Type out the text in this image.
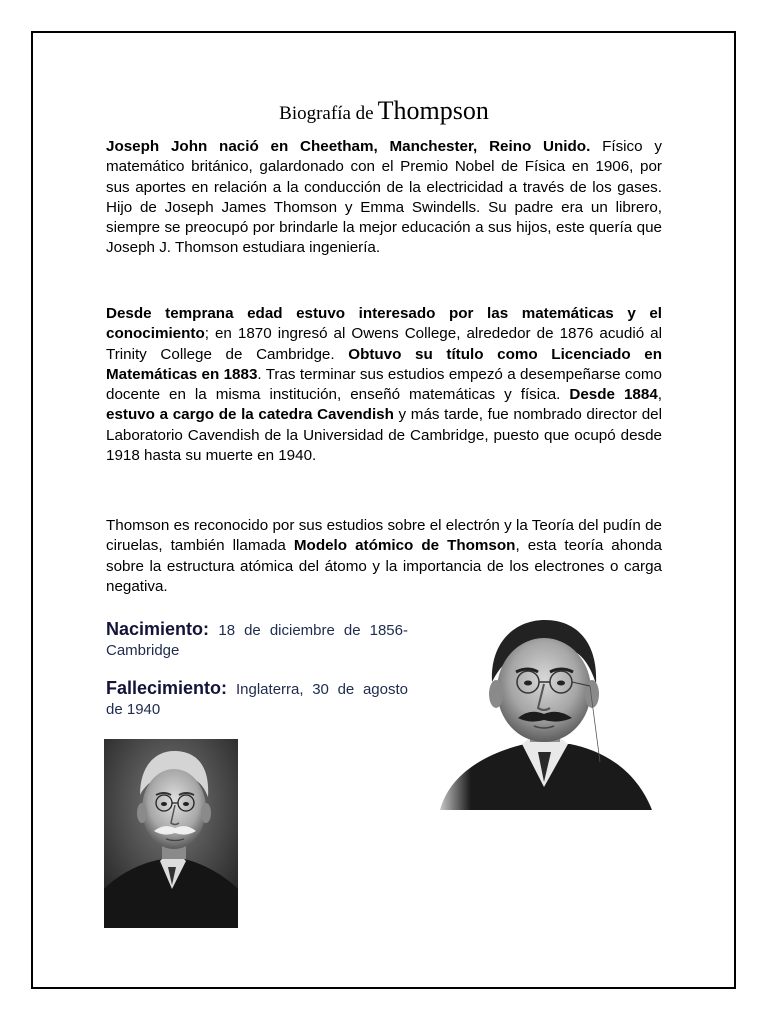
Biografía de Thompson
Joseph John nació en Cheetham, Manchester, Reino Unido. Físico y matemático británico, galardonado con el Premio Nobel de Física en 1906, por sus aportes en relación a la conducción de la electricidad a través de los gases. Hijo de Joseph James Thomson y Emma Swindells. Su padre era un librero, siempre se preocupó por brindarle la mejor educación a sus hijos, este quería que Joseph J. Thomson estudiara ingeniería.
Desde temprana edad estuvo interesado por las matemáticas y el conocimiento; en 1870 ingresó al Owens College, alrededor de 1876 acudió al Trinity College de Cambridge. Obtuvo su título como Licenciado en Matemáticas en 1883. Tras terminar sus estudios empezó a desempeñarse como docente en la misma institución, enseñó matemáticas y física. Desde 1884, estuvo a cargo de la catedra Cavendish y más tarde, fue nombrado director del Laboratorio Cavendish de la Universidad de Cambridge, puesto que ocupó desde 1918 hasta su muerte en 1940.
Thomson es reconocido por sus estudios sobre el electrón y la Teoría del pudín de ciruelas, también llamada Modelo atómico de Thomson, esta teoría ahonda sobre la estructura atómica del átomo y la importancia de los electrones o carga negativa.
Nacimiento: 18 de diciembre de 1856-Cambridge
Fallecimiento: Inglaterra, 30 de agosto de 1940
